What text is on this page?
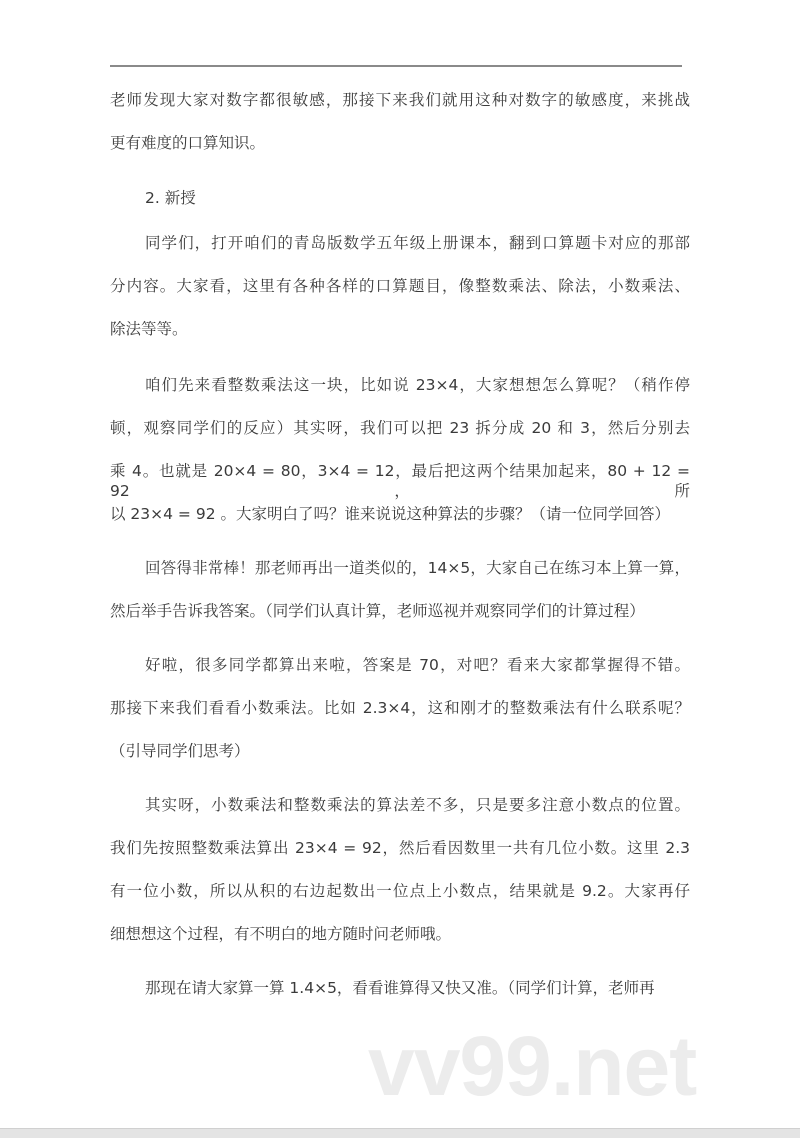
老师发现大家对数字都很敏感，那接下来我们就用这种对数字的敏感度，来挑战
更有难度的口算知识。
2. 新授
同学们，打开咱们的青岛版数学五年级上册课本，翻到口算题卡对应的那部
分内容。大家看，这里有各种各样的口算题目，像整数乘法、除法，小数乘法、
除法等等。
咱们先来看整数乘法这一块，比如说 23×4，大家想想怎么算呢？（稍作停
顿，观察同学们的反应）其实呀，我们可以把 23 拆分成 20 和 3，然后分别去
乘 4。也就是 20×4 = 80，3×4 = 12，最后把这两个结果加起来，80 + 12 = 92，所
以 23×4 = 92 。大家明白了吗？谁来说说这种算法的步骤？（请一位同学回答）
回答得非常棒！那老师再出一道类似的，14×5，大家自己在练习本上算一算，
然后举手告诉我答案。（同学们认真计算，老师巡视并观察同学们的计算过程）
好啦，很多同学都算出来啦，答案是 70，对吧？看来大家都掌握得不错。
那接下来我们看看小数乘法。比如 2.3×4，这和刚才的整数乘法有什么联系呢？
（引导同学们思考）
其实呀，小数乘法和整数乘法的算法差不多，只是要多注意小数点的位置。
我们先按照整数乘法算出 23×4 = 92，然后看因数里一共有几位小数。这里 2.3
有一位小数，所以从积的右边起数出一位点上小数点，结果就是 9.2。大家再仔
细想想这个过程，有不明白的地方随时问老师哦。
那现在请大家算一算 1.4×5，看看谁算得又快又准。（同学们计算，老师再
vv99.net
